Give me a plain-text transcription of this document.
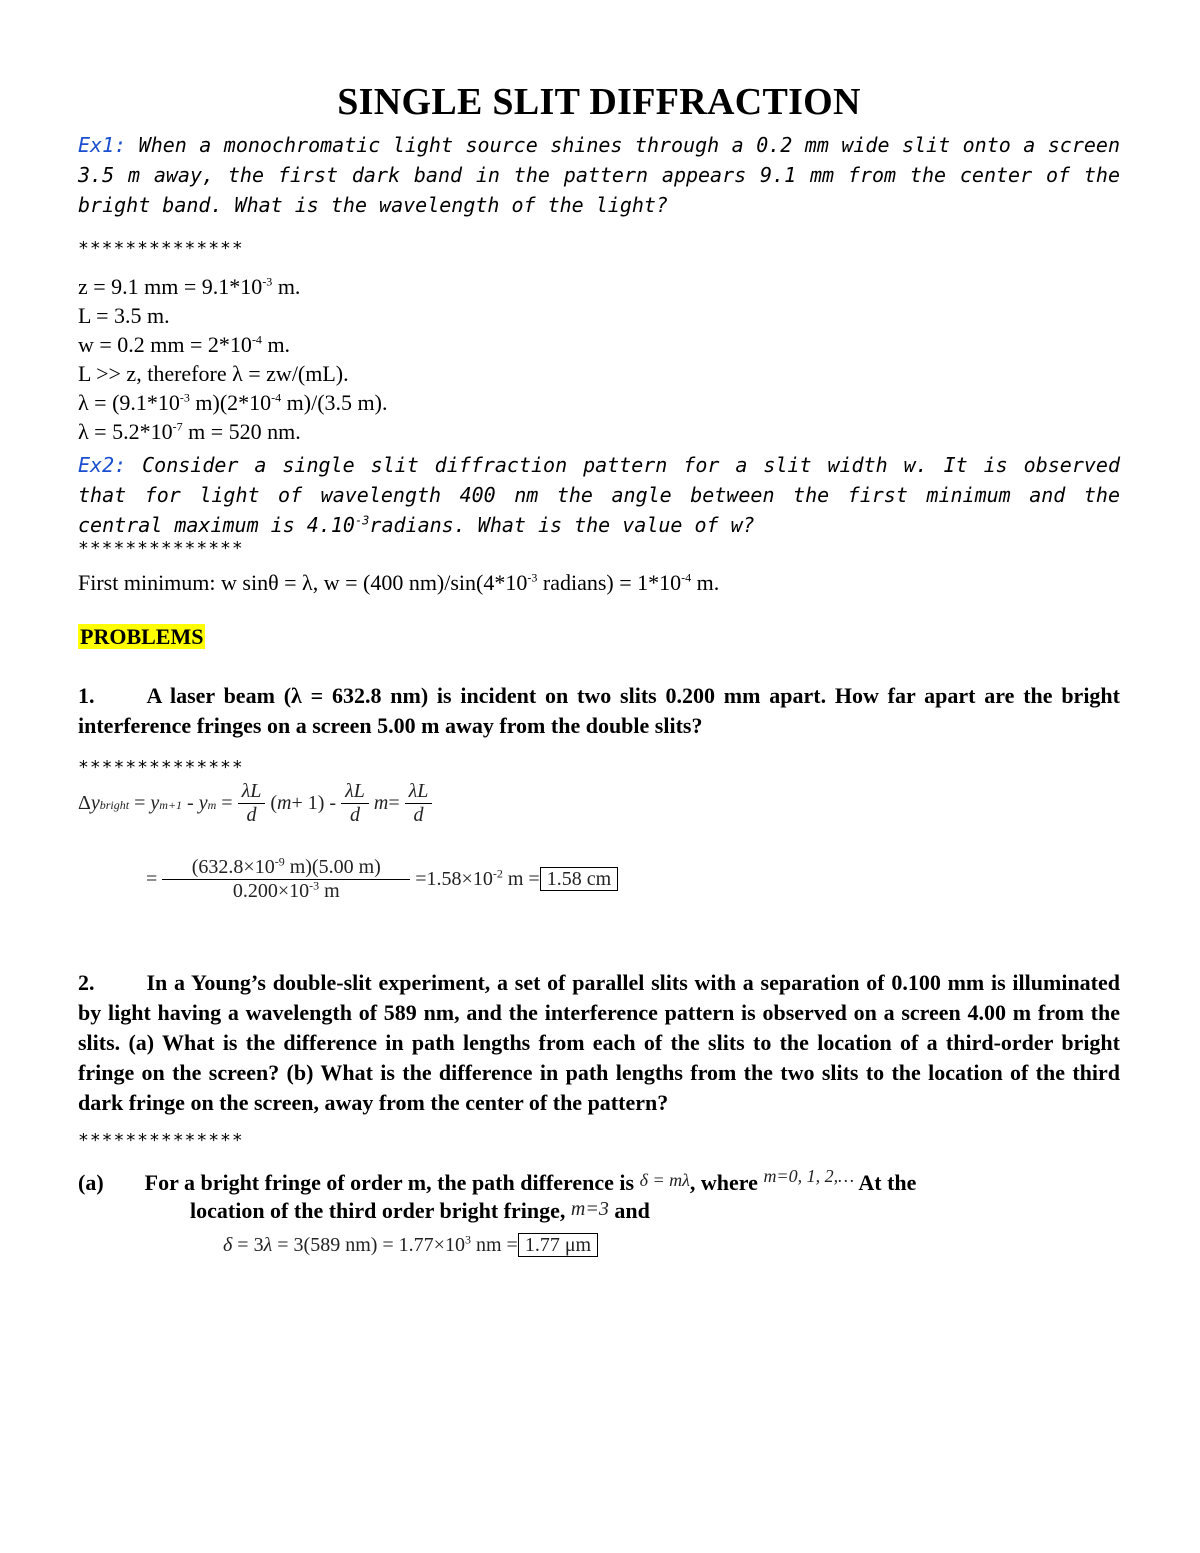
SINGLE SLIT DIFFRACTION
Ex1: When a monochromatic light source shines through a 0.2 mm wide slit onto a screen 3.5 m away, the first dark band in the pattern appears 9.1 mm from the center of the bright band. What is the wavelength of the light?
**************
z = 9.1 mm = $9.1*10^{-3}$ m.
L = 3.5 m.
w = 0.2 mm = $2*10^{-4}$ m.
L >> z, therefore λ = zw/(mL).
$\lambda = (9.1*10^{-3}$ $m)(2*10^{-4}$ m)/(3.5 m).
$\lambda = 5.2*10^{-7}$ m = 520 nm.
Ex2: Consider a single slit diffraction pattern for a slit width w. It is observed that for light of wavelength 400 nm the angle between the first minimum and the central maximum is $4.10^{-3}radians$. What is the value of w?
**************
First minimum: w sinθ = λ, w = (400 $nm)/\sin(4*10^{-3}$ radians) = $1*10^{-4}$ m.
PROBLEMS
1. A laser beam (λ = 632.8 nm) is incident on two slits 0.200 mm apart. How far apart are the bright interference fringes on a screen 5.00 m away from the double slits?
**************
Δybright = ym+1 - ym = $\frac{\lambda L}{d} (m+ 1) - \frac{\lambda L}{d} m= \frac{\lambda L}{d}$
= $\frac{(632.8\times 10^{-9} m)(5.00 m)}{0.200\times 10^{-3} m} =1.58\times 10^{-2}$ m = 1.58 cm
2. In a Young’s double-slit experiment, a set of parallel slits with a separation of 0.100 mm is illuminated by light having a wavelength of 589 nm, and the interference pattern is observed on a screen 4.00 m from the slits. (a) What is the difference in path lengths from each of the slits to the location of a third-order bright fringe on the screen? (b) What is the difference in path lengths from the two slits to the location of the third dark fringe on the screen, away from the center of the pattern?
**************
(a) For a bright fringe of order m, the path difference is δ = mλ, where $^{m=0, 1, 2,\dots}$ At the
location of the third order bright fringe, m=3 and
δ = 3λ = 3(589 $nm) = 1.77\times 10^3$ nm = 1.77 μm
